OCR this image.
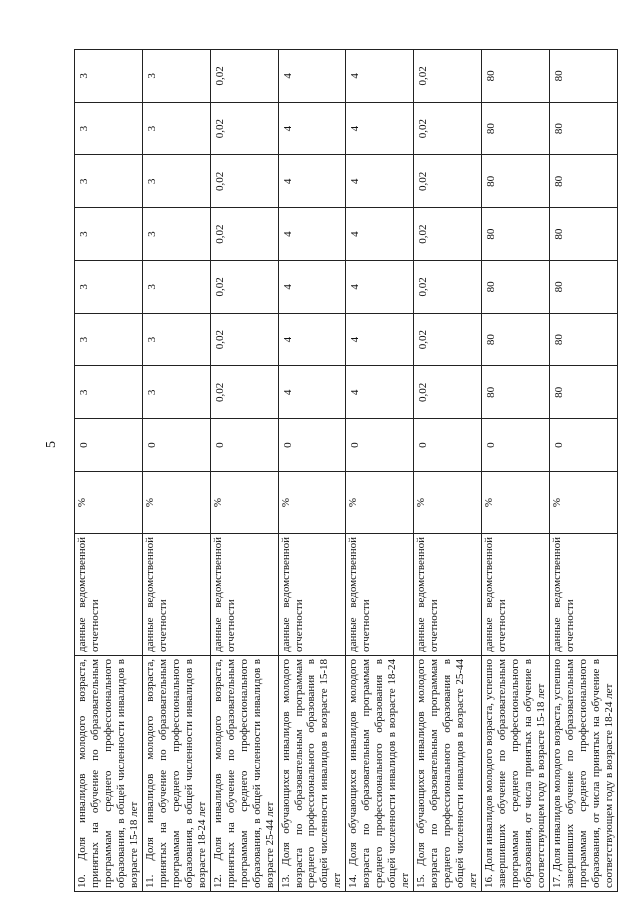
5
10. Доля инвалидов молодого возраста, принятых на обучение по образовательным программам среднего профессионального образования, в общей численности инвалидов в возрасте 15-18 лет	данные ведомственной отчетности	%	0	3	3	3	3	3	3	3
11. Доля инвалидов молодого возраста, принятых на обучение по образовательным программам среднего профессионального образования, в общей численности инвалидов в возрасте 18-24 лет	данные ведомственной отчетности	%	0	3	3	3	3	3	3	3
12. Доля инвалидов молодого возраста, принятых на обучение по образовательным программам среднего профессионального образования, в общей численности инвалидов в возрасте 25-44 лет	данные ведомственной отчетности	%	0	0,02	0,02	0,02	0,02	0,02	0,02	0,02
13. Доля обучающихся инвалидов молодого возраста по образовательным программам среднего профессионального образования в общей численности инвалидов в возрасте 15-18 лет	данные ведомственной отчетности	%	0	4	4	4	4	4	4	4
14. Доля обучающихся инвалидов молодого возраста по образовательным программам среднего профессионального образования в общей численности инвалидов в возрасте 18-24 лет	данные ведомственной отчетности	%	0	4	4	4	4	4	4	4
15. Доля обучающихся инвалидов молодого возраста по образовательным программам среднего профессионального образования в общей численности инвалидов в возрасте 25-44 лет	данные ведомственной отчетности	%	0	0,02	0,02	0,02	0,02	0,02	0,02	0,02
16. Доля инвалидов молодого возраста, успешно завершивших обучение по образовательным программам среднего профессионального образования, от числа принятых на обучение в соответствующем году в возрасте 15-18 лет	данные ведомственной отчетности	%	0	80	80	80	80	80	80	80
17. Доля инвалидов молодого возраста, успешно завершивших обучение по образовательным программам среднего профессионального образования, от числа принятых на обучение в соответствующем году в возрасте 18-24 лет	данные ведомственной отчетности	%	0	80	80	80	80	80	80	80
